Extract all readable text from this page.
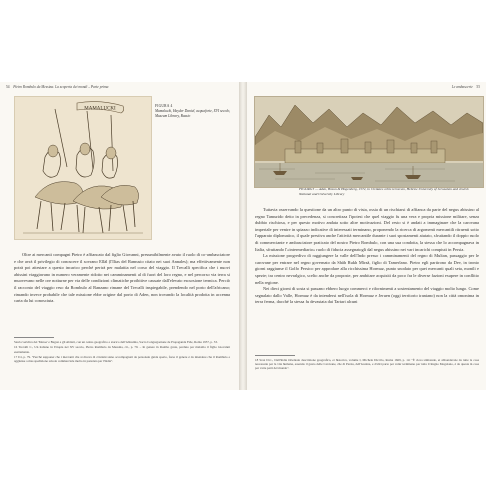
54 Pietro Rombulo da Messina. La scoperta dei mondi – Parte prima
MAMALUCKI
FIGURA 4
Mamalucki, Hayder Daniel, acquaforte, XVI secolo, Museum Library, Bussio

Oltre ai mercanti compagni Pietro è affiancato dal figlio Giovanni, presumibilmente avuto il ruolo di co-ambasciatore e che avrà il privilegio di conoscere il sovrano Elläl (l'Ilias del Ramusio citato nei suoi Annales); ma effettivamente non potrà poi attestare a questo incarico perché perirà per malattia nel corso del viaggio. Il Trecalli specifica che i nuovi abissini viaggiavano in numero veramente ridotto nei camminamenti al di fuori del loro regno, e nel percorso via terra si muovevano nelle ore notturne per via delle condizioni climatiche proibitive causate dall'elevato escursione termica. Perciò il racconto del viaggio reso da Rombulo al Ranzano rimane del Trecalli inspiegabile, prendendo nel porto dell'africano; rimando invece probabile che tale missione ebbe origine dal porto di Aden, non trovando la località prodotta in accenna carta da lui conosciuta.

Storia veridica dei 'Meroe' e Begon e gli Abitati, con un cenno geografico e storico dell'Abissinia, Sacra Congregazione de Propaganda Fide, Roma 1957, p. 33.

16 Trecalli C., Un italiano in Etiopia nel XV secolo, Pietro Rombulo da Messina, cit., p. 79. – In genere in Rombo gruta, perduto per malattia il figlio Giovanni esattamente.

17 Ivi, p. 79. "Perché supponer che i mercanti che si diceva di cristiani siano accompagnati da personale guida sperto, forse il genere è da intendere che il Rombulo e aggiunse a mas spedizione suvole commerciale molto in partenza per l'India".

Le ambascerie 55
FIGURA 5 — Aden, Braun & Hogenberg, 1572, in Civitates orbis terrarum, Hebrew University of Jerusalem and Jewish National and University Library

Tuttavia osservando la questione da un altro punto di vista, ossia di un rischiarsi di affianca da parte del negus abissino al regno Tamurido detto in precedenza, si concretizza l'ipotesi che quel viaggio fu una vera e propria missione militare, senza dubbio rischiosa, e per questo motivo andata sotto altre motivazioni. Del resto si è andati a immaginare che la carovana imperiale per venire in spiazzo indicative di interessati terminano, proponendo la ricerca di argomenti mercantili ritraenti sotto l'apparato diplomatico, il quale prestiva anche l'attività mercantile durante i suoi spostamenti aiutato, sfruttando il doppio ruolo di commerciante e ambasciatore praticato del nostro Pietro Rombulo, con una sua condotta, la stessa che lo accompagnava in Italia, sfruttando l'«intermediario» ruolo di fiducia assegnatogli dal negus abissino nei vari incarichi compiuti in Persia.

La missione progredivo di raggiungere la valle dell'Indo presso i camminamenti del regno di Multan, passaggio per le carovane per entrare nel regno governato da Shāh Rukh Mīrzā, figlio di Tamerlano. Pietro egli partirono da Dev, in tronto giorni raggiunse il Golfo Persico per approdare alla ricchissima Hormuz, punto snodato per quei mercanti quali seta, monili e spezie; tra centro nevralgico, scelto anche da proposte, per ambitare acquisiti da poco fra le diverse fazioni esupere in conflitto nella regione.

Nei dieci giorni di sosta si passano ebbero luogo commerci e rifornimenti a sostentamento del viaggio molto lungo. Come segnalato dallo Valle, Hormuz è da intendersi nell'isola di Hormuz e Jeruen (oggi territorio iraniano) non la città omonima in terra ferma, dacché la stessa fu devastata dai Tartari alcuni

18 Srax D.C., Dell'India Orientale descrizione geografica, et historica, volume I, Michele Diccilo, Roma 1669, p. 14: "È cicea stimatade, et abbondevole da tutte le cosa necessarie per la vita humana, essendo il gusto delle Caravane, che di Persia, dell'Grenna, e d'altri parte per venir terminano per tutta il Regno Mogolano, è da questa in cosa per varie parti del mondo".
